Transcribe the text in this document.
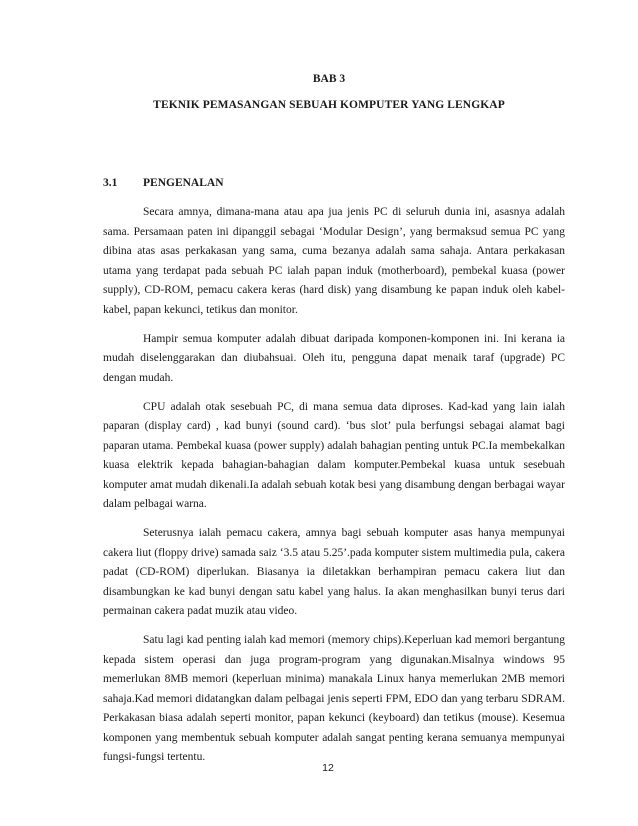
BAB 3
TEKNIK PEMASANGAN SEBUAH KOMPUTER YANG LENGKAP
3.1 PENGENALAN

Secara amnya, dimana-mana atau apa jua jenis PC di seluruh dunia ini, asasnya adalah sama. Persamaan paten ini dipanggil sebagai ‘Modular Design’, yang bermaksud semua PC yang dibina atas asas perkakasan yang sama, cuma bezanya adalah sama sahaja. Antara perkakasan utama yang terdapat pada sebuah PC ialah papan induk (motherboard), pembekal kuasa (power supply), CD-ROM, pemacu cakera keras (hard disk) yang disambung ke papan induk oleh kabel-kabel, papan kekunci, tetikus dan monitor.

Hampir semua komputer adalah dibuat daripada komponen-komponen ini. Ini kerana ia mudah diselenggarakan dan diubahsuai. Oleh itu, pengguna dapat menaik taraf (upgrade) PC dengan mudah.

CPU adalah otak sesebuah PC, di mana semua data diproses. Kad-kad yang lain ialah paparan (display card) , kad bunyi (sound card). ‘bus slot’ pula berfungsi sebagai alamat bagi paparan utama. Pembekal kuasa (power supply) adalah bahagian penting untuk PC.Ia membekalkan kuasa elektrik kepada bahagian-bahagian dalam komputer.Pembekal kuasa untuk sesebuah komputer amat mudah dikenali.Ia adalah sebuah kotak besi yang disambung dengan berbagai wayar dalam pelbagai warna.

Seterusnya ialah pemacu cakera, amnya bagi sebuah komputer asas hanya mempunyai cakera liut (floppy drive) samada saiz ‘3.5 atau 5.25’.pada komputer sistem multimedia pula, cakera padat (CD-ROM) diperlukan. Biasanya ia diletakkan berhampiran pemacu cakera liut dan disambungkan ke kad bunyi dengan satu kabel yang halus. Ia akan menghasilkan bunyi terus dari permainan cakera padat muzik atau video.

Satu lagi kad penting ialah kad memori (memory chips).Keperluan kad memori bergantung kepada sistem operasi dan juga program-program yang digunakan.Misalnya windows 95 memerlukan 8MB memori (keperluan minima) manakala Linux hanya memerlukan 2MB memori sahaja.Kad memori didatangkan dalam pelbagai jenis seperti FPM, EDO dan yang terbaru SDRAM. Perkakasan biasa adalah seperti monitor, papan kekunci (keyboard) dan tetikus (mouse). Kesemua komponen yang membentuk sebuah komputer adalah sangat penting kerana semuanya mempunyai fungsi-fungsi tertentu.

12
